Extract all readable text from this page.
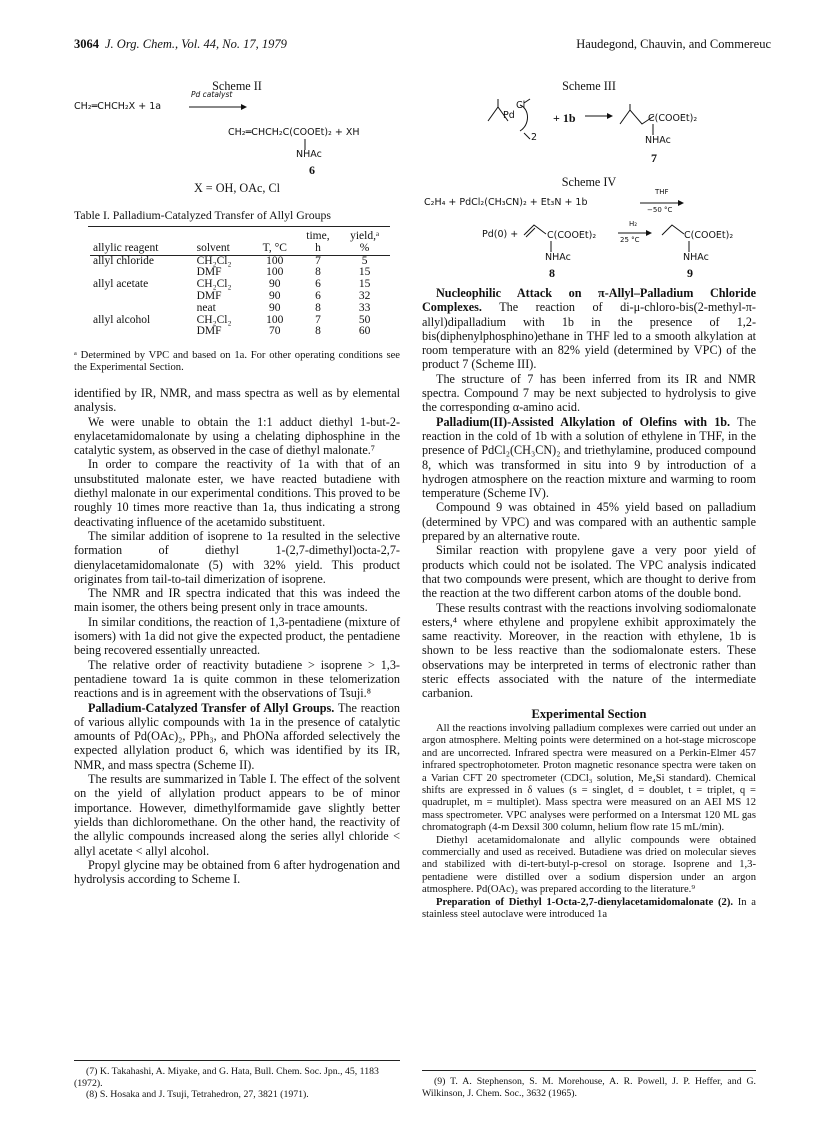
3064 J. Org. Chem., Vol. 44, No. 17, 1979	Haudegond, Chauvin, and Commereuc
Scheme II
CH₂═CHCH₂X + 1a
Pd catalyst
CH₂═CHCH₂C(COOEt)₂ + XH
NHAc
6
X = OH, OAc, Cl
Table I. Palladium-Catalyzed Transfer of Allyl Groups
			time,	yield,ᵃ
allylic reagent	solvent	T, °C	h	%
allyl chloride	CH₂Cl₂	100	7	5
	DMF	100	8	15
allyl acetate	CH₂Cl₂	90	6	15
	DMF	90	6	32
	neat	90	8	33
allyl alcohol	CH₂Cl₂	100	7	50
	DMF	70	8	60
ᵃ Determined by VPC and based on 1a. For other operating conditions see the Experimental Section.

identified by IR, NMR, and mass spectra as well as by elemental analysis.

We were unable to obtain the 1:1 adduct diethyl 1-but-2-enylacetamidomalonate by using a chelating diphosphine in the catalytic system, as observed in the case of diethyl malonate.⁷

In order to compare the reactivity of 1a with that of an unsubstituted malonate ester, we have reacted butadiene with diethyl malonate in our experimental conditions. This proved to be roughly 10 times more reactive than 1a, thus indicating a strong deactivating influence of the acetamido substituent.

The similar addition of isoprene to 1a resulted in the selective formation of diethyl 1-(2,7-dimethyl)octa-2,7-dienylacetamidomalonate (5) with 32% yield. This product originates from tail-to-tail dimerization of isoprene.

The NMR and IR spectra indicated that this was indeed the main isomer, the others being present only in trace amounts.

In similar conditions, the reaction of 1,3-pentadiene (mixture of isomers) with 1a did not give the expected product, the pentadiene being recovered essentially unreacted.

The relative order of reactivity butadiene > isoprene > 1,3-pentadiene toward 1a is quite common in these telomerization reactions and is in agreement with the observations of Tsuji.⁸

Palladium-Catalyzed Transfer of Allyl Groups. The reaction of various allylic compounds with 1a in the presence of catalytic amounts of Pd(OAc)₂, PPh₃, and PhONa afforded selectively the expected allylation product 6, which was identified by its IR, NMR, and mass spectra (Scheme II).

The results are summarized in Table I. The effect of the solvent on the yield of allylation product appears to be of minor importance. However, dimethylformamide gave slightly better yields than dichloromethane. On the other hand, the reactivity of the allylic compounds increased along the series allyl chloride < allyl acetate < allyl alcohol.

Propyl glycine may be obtained from 6 after hydrogenation and hydrolysis according to Scheme I.

(7) K. Takahashi, A. Miyake, and G. Hata, Bull. Chem. Soc. Jpn., 45, 1183 (1972).
(8) S. Hosaka and J. Tsuji, Tetrahedron, 27, 3821 (1971).
Scheme III
Pd
Cl
2
+ 1b	C(COOEt)₂
NHAc
7
Scheme IV
C₂H₄ + PdCl₂(CH₃CN)₂ + Et₃N + 1b
THF
−50 °C
Pd(0) +	C(COOEt)₂
NHAc
8
H₂
25 °C	C(COOEt)₂
NHAc
9

Nucleophilic Attack on π-Allyl–Palladium Chloride Complexes. The reaction of di-μ-chloro-bis(2-methyl-π-allyl)dipalladium with 1b in the presence of 1,2-bis(diphenylphosphino)ethane in THF led to a smooth alkylation at room temperature with an 82% yield (determined by VPC) of the product 7 (Scheme III).

The structure of 7 has been inferred from its IR and NMR spectra. Compound 7 may be next subjected to hydrolysis to give the corresponding α-amino acid.

Palladium(II)-Assisted Alkylation of Olefins with 1b. The reaction in the cold of 1b with a solution of ethylene in THF, in the presence of PdCl₂(CH₃CN)₂ and triethylamine, produced compound 8, which was transformed in situ into 9 by introduction of a hydrogen atmosphere on the reaction mixture and warming to room temperature (Scheme IV).

Compound 9 was obtained in 45% yield based on palladium (determined by VPC) and was compared with an authentic sample prepared by an alternative route.

Similar reaction with propylene gave a very poor yield of products which could not be isolated. The VPC analysis indicated that two compounds were present, which are thought to derive from the reaction at the two different carbon atoms of the double bond.

These results contrast with the reactions involving sodiomalonate esters,⁴ where ethylene and propylene exhibit approximately the same reactivity. Moreover, in the reaction with ethylene, 1b is shown to be less reactive than the sodiomalonate esters. These observations may be interpreted in terms of electronic rather than steric effects associated with the nature of the intermediate carbanion.

Experimental Section

All the reactions involving palladium complexes were carried out under an argon atmosphere. Melting points were determined on a hot-stage microscope and are uncorrected. Infrared spectra were measured on a Perkin-Elmer 457 infrared spectrophotometer. Proton magnetic resonance spectra were taken on a Varian CFT 20 spectrometer (CDCl₃ solution, Me₄Si standard). Chemical shifts are expressed in δ values (s = singlet, d = doublet, t = triplet, q = quadruplet, m = multiplet). Mass spectra were measured on an AEI MS 12 mass spectrometer. VPC analyses were performed on a Intersmat 120 ML gas chromatograph (4-m Dexsil 300 column, helium flow rate 15 mL/min).

Diethyl acetamidomalonate and allylic compounds were obtained commercially and used as received. Butadiene was dried on molecular sieves and stabilized with di-tert-butyl-p-cresol on storage. Isoprene and 1,3-pentadiene were distilled over a sodium dispersion under an argon atmosphere. Pd(OAc)₂ was prepared according to the literature.⁹

Preparation of Diethyl 1-Octa-2,7-dienylacetamidomalonate (2). In a stainless steel autoclave were introduced 1a

(9) T. A. Stephenson, S. M. Morehouse, A. R. Powell, J. P. Heffer, and G. Wilkinson, J. Chem. Soc., 3632 (1965).
